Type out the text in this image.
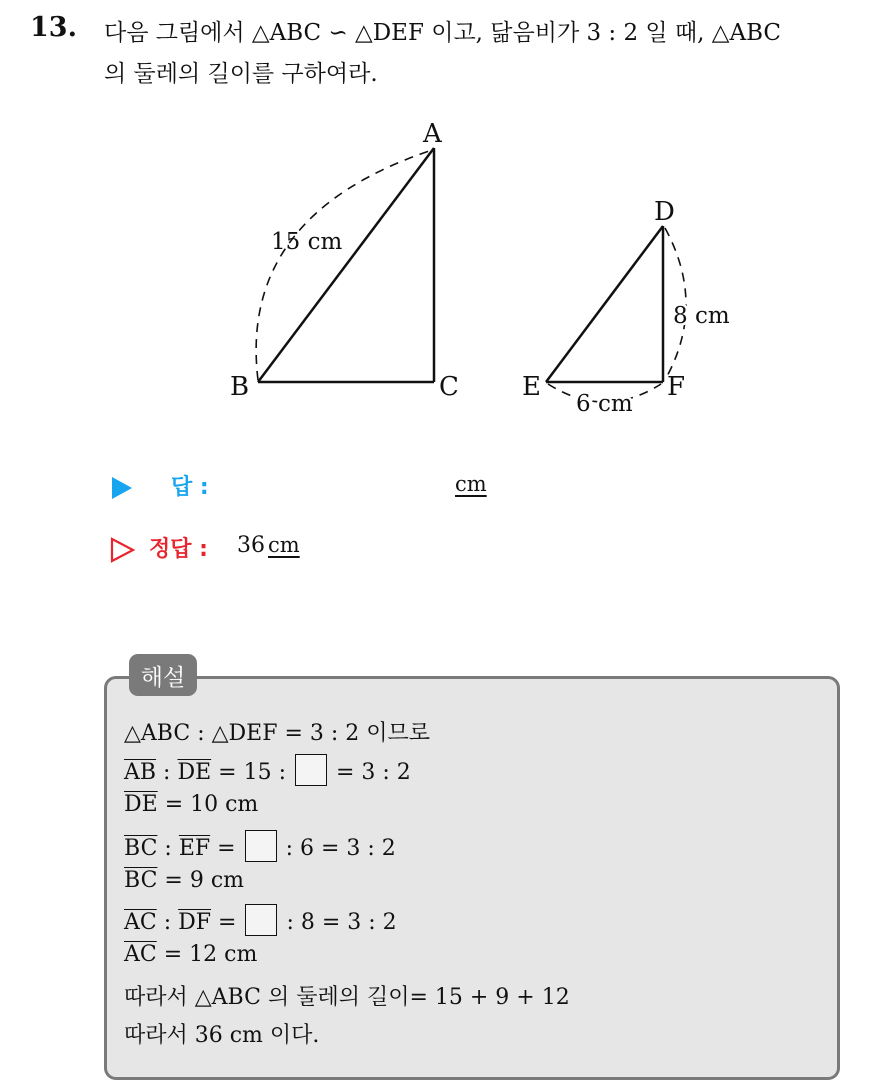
13. 다음 그림에서 △ABC ∽ △DEF 이고, 닮음비가 3 : 2 일 때, △ABC
의 둘레의 길이를 구하여라.
A
B	C
15 cm
D
E	F
8 cm
6 cm
답 :	cm
정답 : 36 cm
해설
△ABC : △DEF = 3 : 2 이므로
$\overline{AB}$ : $\overline{DE} = 15$ :  = 3 : 2
$\overline{DE} = 10$ cm
$\overline{BC}$ : $\overline{EF}$ =  : 6 = 3 : 2
$\overline{BC} = 9$ cm
$\overline{AC}$ : $\overline{DF}$ =  : 8 = 3 : 2
$\overline{AC} = 12$ cm
따라서 △ABC 의 둘레의 길이= 15 + 9 + 12
따라서 36 cm 이다.
